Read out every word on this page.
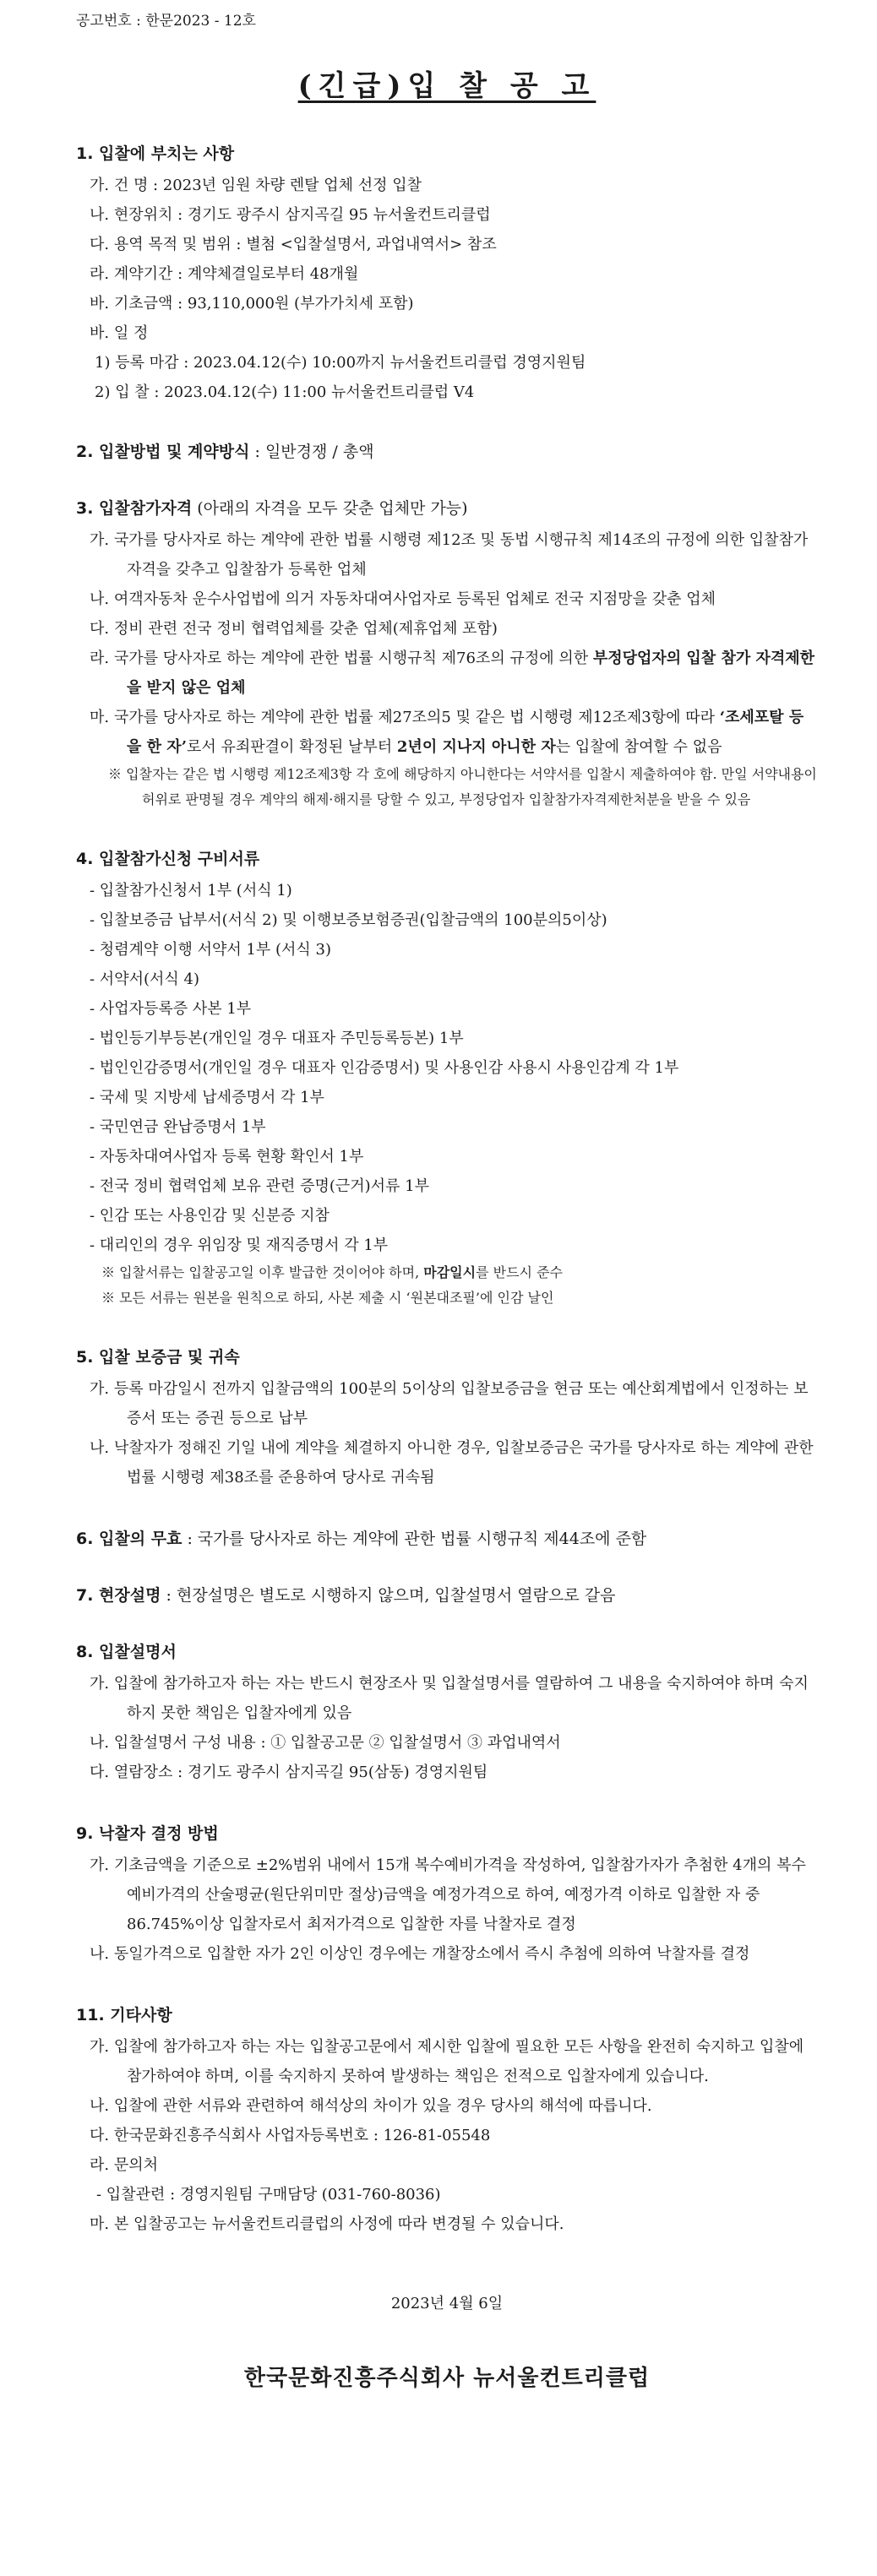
공고번호 : 한문2023 - 12호
(긴급)입 찰 공 고
1. 입찰에 부치는 사항
가. 건 명 : 2023년 임원 차량 렌탈 업체 선정 입찰
나. 현장위치 : 경기도 광주시 삼지곡길 95 뉴서울컨트리클럽
다. 용역 목적 및 범위 : 별첨 <입찰설명서, 과업내역서> 참조
라. 계약기간 : 계약체결일로부터 48개월
바. 기초금액 : 93,110,000원 (부가가치세 포함)
바. 일 정
1) 등록 마감 : 2023.04.12(수) 10:00까지 뉴서울컨트리클럽 경영지원팀
2) 입 찰 : 2023.04.12(수) 11:00 뉴서울컨트리클럽 V4
2. 입찰방법 및 계약방식 : 일반경쟁 / 총액
3. 입찰참가자격 (아래의 자격을 모두 갖춘 업체만 가능)
가. 국가를 당사자로 하는 계약에 관한 법률 시행령 제12조 및 동법 시행규칙 제14조의 규정에 의한 입찰참가자격을 갖추고 입찰참가 등록한 업체
나. 여객자동차 운수사업법에 의거 자동차대여사업자로 등록된 업체로 전국 지점망을 갖춘 업체
다. 정비 관련 전국 정비 협력업체를 갖춘 업체(제휴업체 포함)
라. 국가를 당사자로 하는 계약에 관한 법률 시행규칙 제76조의 규정에 의한 부정당업자의 입찰 참가 자격제한을 받지 않은 업체
마. 국가를 당사자로 하는 계약에 관한 법률 제27조의5 및 같은 법 시행령 제12조제3항에 따라 ‘조세포탈 등을 한 자’로서 유죄판결이 확정된 날부터 2년이 지나지 아니한 자는 입찰에 참여할 수 없음
※ 입찰자는 같은 법 시행령 제12조제3항 각 호에 해당하지 아니한다는 서약서를 입찰시 제출하여야 함. 만일 서약내용이 허위로 판명될 경우 계약의 해제·해지를 당할 수 있고, 부정당업자 입찰참가자격제한처분을 받을 수 있음
4. 입찰참가신청 구비서류
- 입찰참가신청서 1부 (서식 1)
- 입찰보증금 납부서(서식 2) 및 이행보증보험증권(입찰금액의 100분의5이상)
- 청렴계약 이행 서약서 1부 (서식 3)
- 서약서(서식 4)
- 사업자등록증 사본 1부
- 법인등기부등본(개인일 경우 대표자 주민등록등본) 1부
- 법인인감증명서(개인일 경우 대표자 인감증명서) 및 사용인감 사용시 사용인감계 각 1부
- 국세 및 지방세 납세증명서 각 1부
- 국민연금 완납증명서 1부
- 자동차대여사업자 등록 현황 확인서 1부
- 전국 정비 협력업체 보유 관련 증명(근거)서류 1부
- 인감 또는 사용인감 및 신분증 지참
- 대리인의 경우 위임장 및 재직증명서 각 1부
※ 입찰서류는 입찰공고일 이후 발급한 것이어야 하며, 마감일시를 반드시 준수
※ 모든 서류는 원본을 원칙으로 하되, 사본 제출 시 ‘원본대조필’에 인감 날인
5. 입찰 보증금 및 귀속
가. 등록 마감일시 전까지 입찰금액의 100분의 5이상의 입찰보증금을 현금 또는 예산회계법에서 인정하는 보증서 또는 증권 등으로 납부
나. 낙찰자가 정해진 기일 내에 계약을 체결하지 아니한 경우, 입찰보증금은 국가를 당사자로 하는 계약에 관한 법률 시행령 제38조를 준용하여 당사로 귀속됨
6. 입찰의 무효 : 국가를 당사자로 하는 계약에 관한 법률 시행규칙 제44조에 준함
7. 현장설명 : 현장설명은 별도로 시행하지 않으며, 입찰설명서 열람으로 갈음
8. 입찰설명서
가. 입찰에 참가하고자 하는 자는 반드시 현장조사 및 입찰설명서를 열람하여 그 내용을 숙지하여야 하며 숙지하지 못한 책임은 입찰자에게 있음
나. 입찰설명서 구성 내용 : ① 입찰공고문 ② 입찰설명서 ③ 과업내역서
다. 열람장소 : 경기도 광주시 삼지곡길 95(삼동) 경영지원팀
9. 낙찰자 결정 방법
가. 기초금액을 기준으로 ±2%범위 내에서 15개 복수예비가격을 작성하여, 입찰참가자가 추첨한 4개의 복수예비가격의 산술평균(원단위미만 절상)금액을 예정가격으로 하여, 예정가격 이하로 입찰한 자 중 86.745%이상 입찰자로서 최저가격으로 입찰한 자를 낙찰자로 결정
나. 동일가격으로 입찰한 자가 2인 이상인 경우에는 개찰장소에서 즉시 추첨에 의하여 낙찰자를 결정
11. 기타사항
가. 입찰에 참가하고자 하는 자는 입찰공고문에서 제시한 입찰에 필요한 모든 사항을 완전히 숙지하고 입찰에 참가하여야 하며, 이를 숙지하지 못하여 발생하는 책임은 전적으로 입찰자에게 있습니다.
나. 입찰에 관한 서류와 관련하여 해석상의 차이가 있을 경우 당사의 해석에 따릅니다.
다. 한국문화진흥주식회사 사업자등록번호 : 126-81-05548
라. 문의처
- 입찰관련 : 경영지원팀 구매담당 (031-760-8036)
마. 본 입찰공고는 뉴서울컨트리클럽의 사정에 따라 변경될 수 있습니다.
2023년 4월 6일
한국문화진흥주식회사 뉴서울컨트리클럽
